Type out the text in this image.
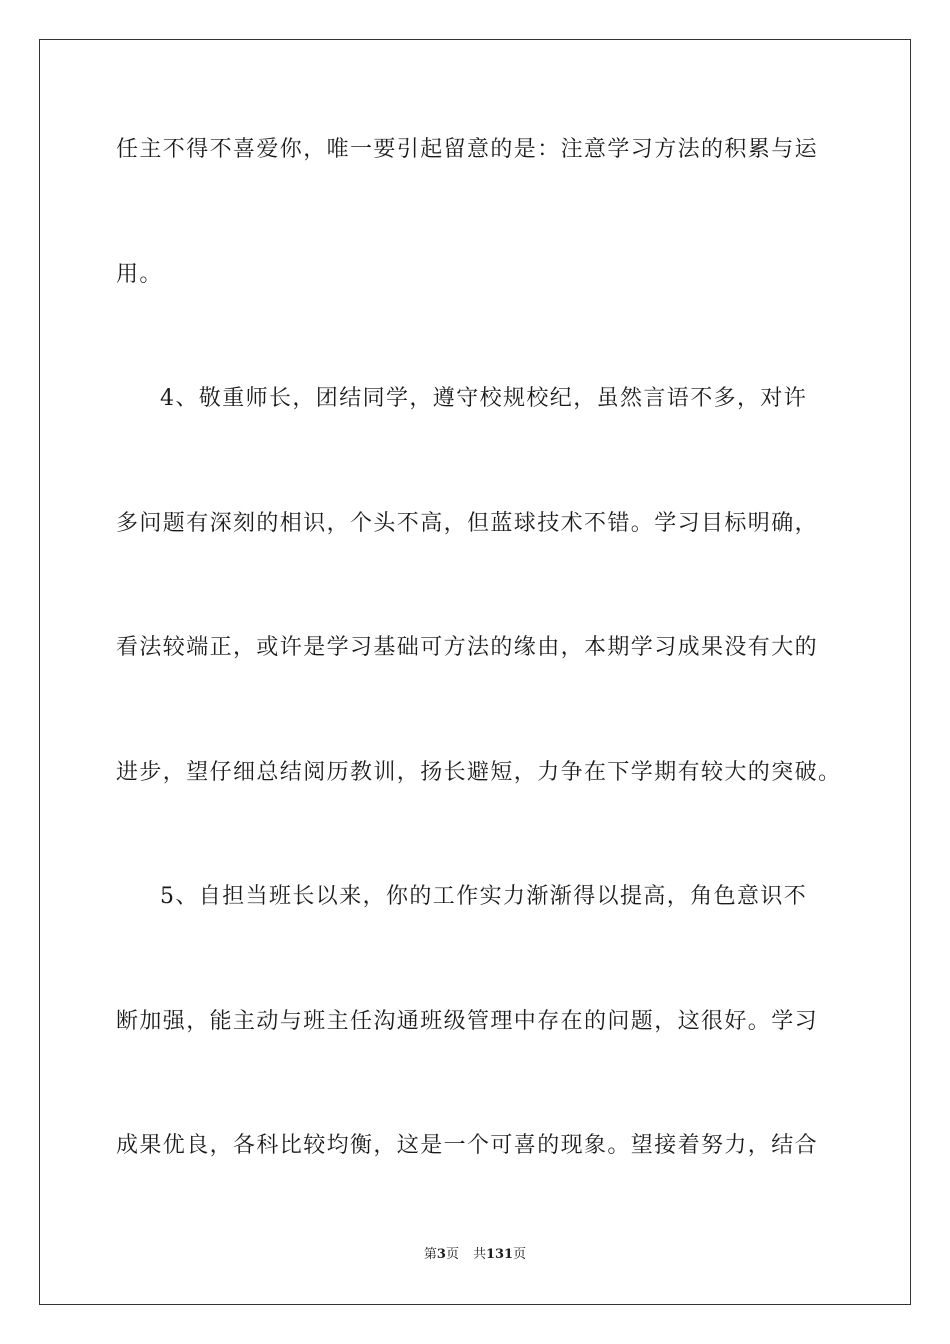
任主不得不喜爱你，唯一要引起留意的是：注意学习方法的积累与运
用。
4、敬重师长，团结同学，遵守校规校纪，虽然言语不多，对许
多问题有深刻的相识，个头不高，但蓝球技术不错。学习目标明确，
看法较端正，或许是学习基础可方法的缘由，本期学习成果没有大的
进步，望仔细总结阅历教训，扬长避短，力争在下学期有较大的突破。
5、自担当班长以来，你的工作实力渐渐得以提高，角色意识不
断加强，能主动与班主任沟通班级管理中存在的问题，这很好。学习
成果优良，各科比较均衡，这是一个可喜的现象。望接着努力，结合
第3页 共131页
